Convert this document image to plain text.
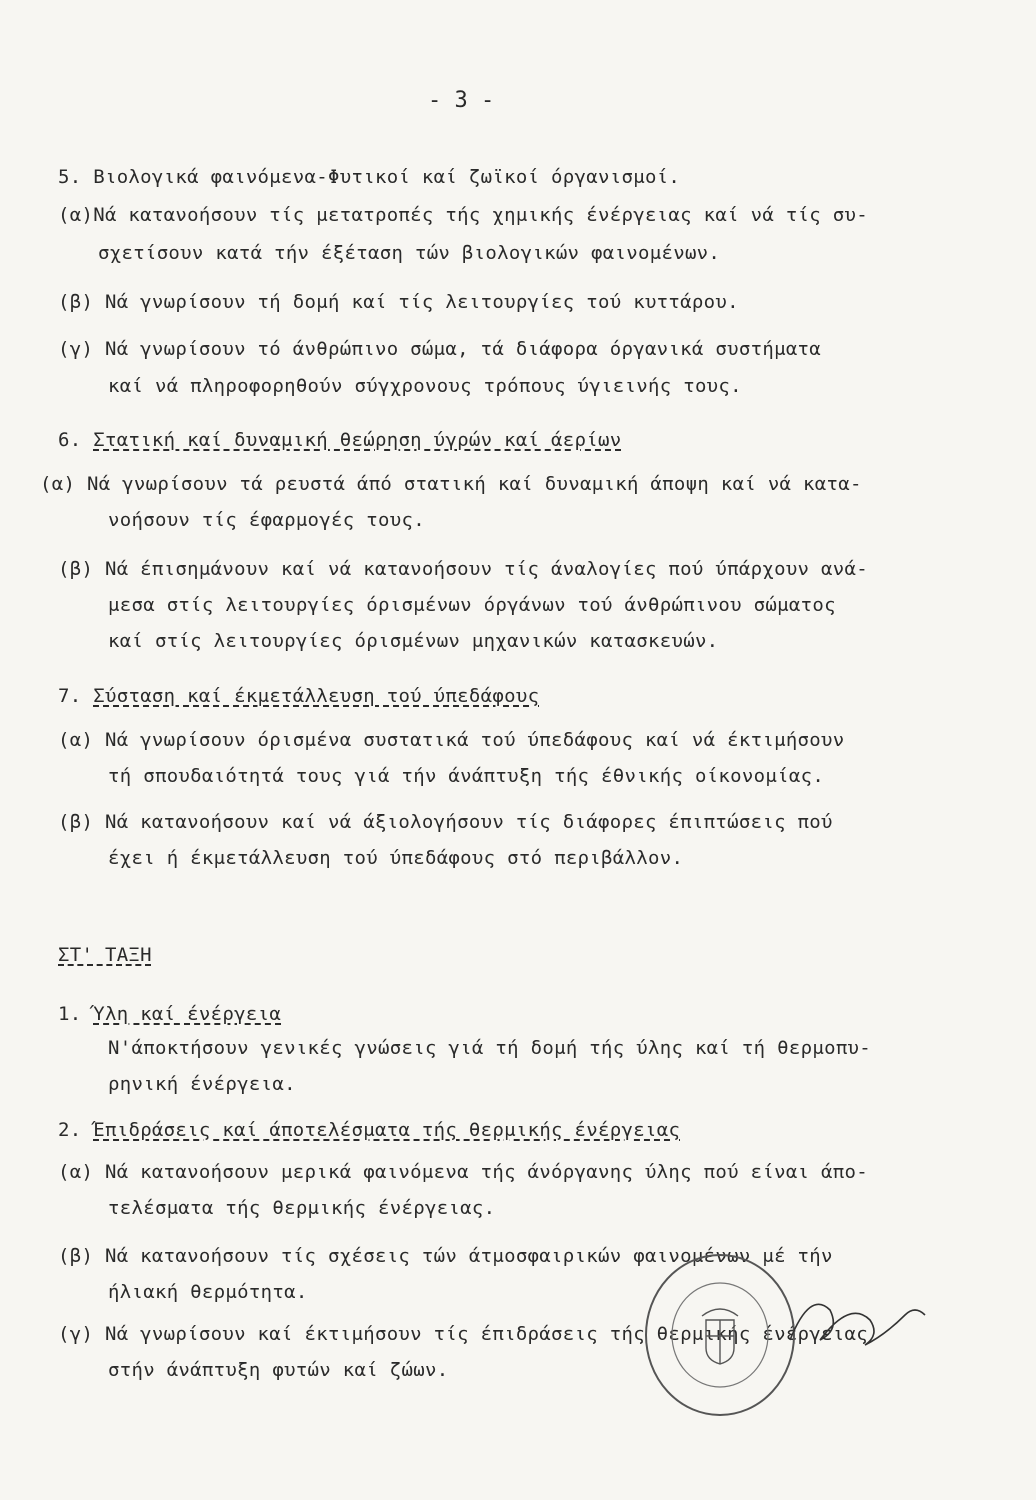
- 3 -
5. Βιολογικά φαινόμενα-Φυτικοί καί ζωϊκοί όργανισμοί.
(α)Νά κατανοήσουν τίς μετατροπές τής χημικής ένέργειας καί νά τίς συ-
σχετίσουν κατά τήν έξέταση τών βιολογικών φαινομένων.
(β) Νά γνωρίσουν τή δομή καί τίς λειτουργίες τού κυττάρου.
(γ) Νά γνωρίσουν τό άνθρώπινο σώμα, τά διάφορα όργανικά συστήματα
καί νά πληροφορηθούν σύγχρονους τρόπους ύγιεινής τους.
6. Στατική καί δυναμική θεώρηση ύγρών καί άερίων
(α) Νά γνωρίσουν τά ρευστά άπό στατική καί δυναμική άποψη καί νά κατα-
νοήσουν τίς έφαρμογές τους.
(β) Νά έπισημάνουν καί νά κατανοήσουν τίς άναλογίες πού ύπάρχουν ανά-
μεσα στίς λειτουργίες όρισμένων όργάνων τού άνθρώπινου σώματος
καί στίς λειτουργίες όρισμένων μηχανικών κατασκευών.
7. Σύσταση καί έκμετάλλευση τού ύπεδάφους
(α) Νά γνωρίσουν όρισμένα συστατικά τού ύπεδάφους καί νά έκτιμήσουν
τή σπουδαιότητά τους γιά τήν άνάπτυξη τής έθνικής οίκονομίας.
(β) Νά κατανοήσουν καί νά άξιολογήσουν τίς διάφορες έπιπτώσεις πού
έχει ή έκμετάλλευση τού ύπεδάφους στό περιβάλλον.
ΣΤ' ΤΑΞΗ
1. Ύλη καί ένέργεια
Ν'άποκτήσουν γενικές γνώσεις γιά τή δομή τής ύλης καί τή θερμοπυ-
ρηνική ένέργεια.
2. Έπιδράσεις καί άποτελέσματα τής θερμικής ένέργειας
(α) Νά κατανοήσουν μερικά φαινόμενα τής άνόργανης ύλης πού είναι άπο-
τελέσματα τής θερμικής ένέργειας.
(β) Νά κατανοήσουν τίς σχέσεις τών άτμοσφαιρικών φαινομένων μέ τήν
ήλιακή θερμότητα.
(γ) Νά γνωρίσουν καί έκτιμήσουν τίς έπιδράσεις τής θερμικής ένέργειας
στήν άνάπτυξη φυτών καί ζώων.
